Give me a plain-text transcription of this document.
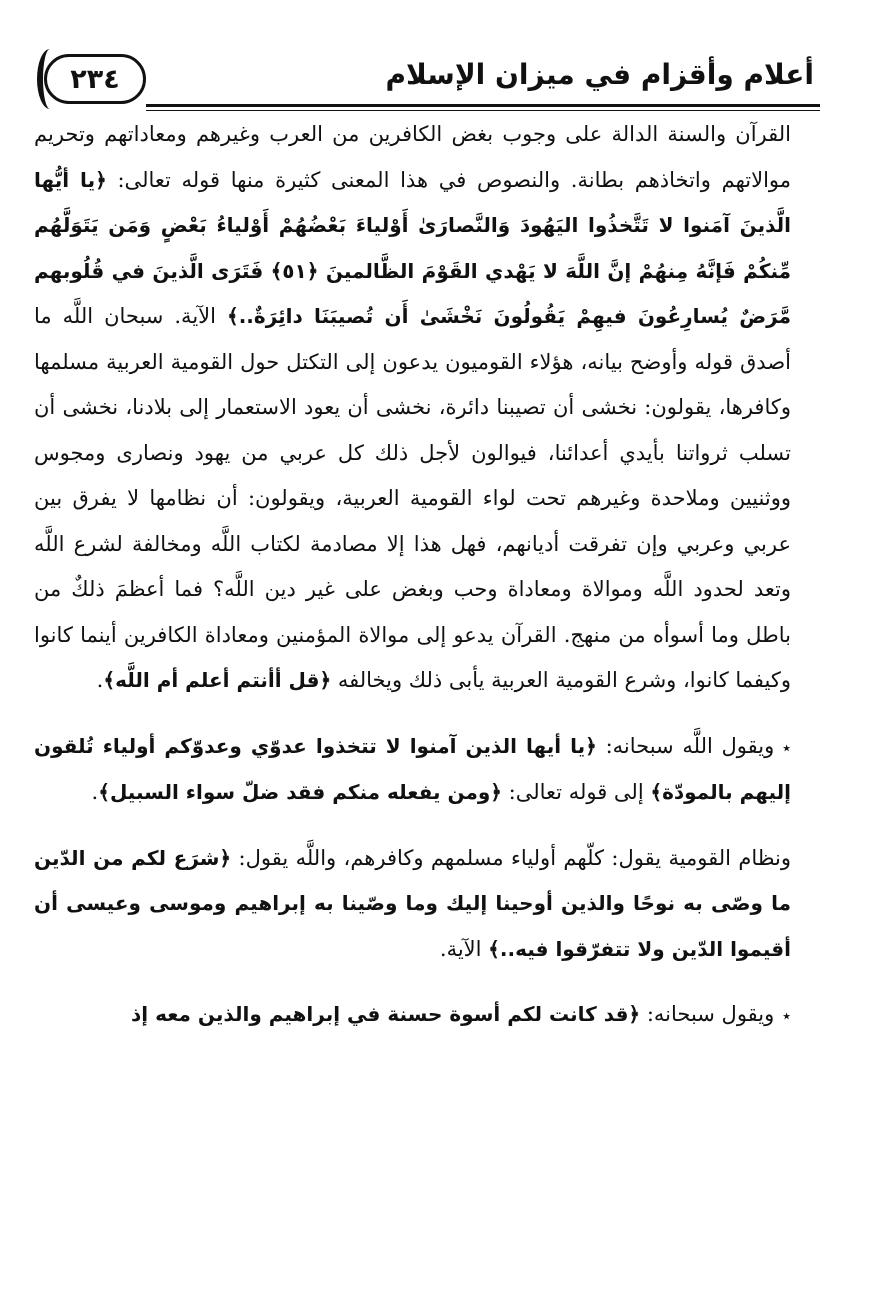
٢٣٤	أعلام وأقزام في ميزان الإسلام

القرآن والسنة الدالة على وجوب بغض الكافرين من العرب وغيرهم ومعاداتهم وتحريم موالاتهم واتخاذهم بطانة. والنصوص في هذا المعنى كثيرة منها قوله تعالى: ﴿يا أيُّها الَّذينَ آمَنوا لا تَتَّخذُوا اليَهُودَ وَالنَّصارَىٰ أَوْلياءَ بَعْضُهُمْ أَوْلياءُ بَعْضٍ وَمَن يَتَوَلَّهُم مِّنكُمْ فَإنَّهُ مِنهُمْ إنَّ اللَّهَ لا يَهْدي القَوْمَ الظَّالمينَ ﴿٥١﴾ فَتَرَى الَّذينَ في قُلُوبهم مَّرَضٌ يُسارِعُونَ فيهِمْ يَقُولُونَ نَخْشَىٰ أَن تُصيبَنَا دائِرَةٌ..﴾ الآية. سبحان اللَّه ما أصدق قوله وأوضح بيانه، هؤلاء القوميون يدعون إلى التكتل حول القومية العربية مسلمها وكافرها، يقولون: نخشى أن تصيبنا دائرة، نخشى أن يعود الاستعمار إلى بلادنا، نخشى أن تسلب ثرواتنا بأيدي أعدائنا، فيوالون لأجل ذلك كل عربي من يهود ونصارى ومجوس ووثنيين وملاحدة وغيرهم تحت لواء القومية العربية، ويقولون: أن نظامها لا يفرق بين عربي وعربي وإن تفرقت أديانهم، فهل هذا إلا مصادمة لكتاب اللَّه ومخالفة لشرع اللَّه وتعد لحدود اللَّه وموالاة ومعاداة وحب وبغض على غير دين اللَّه؟ فما أعظمَ ذلكٌ من باطل وما أسوأه من منهج. القرآن يدعو إلى موالاة المؤمنين ومعاداة الكافرين أينما كانوا وكيفما كانوا، وشرع القومية العربية يأبى ذلك ويخالفه ﴿قل أأنتم أعلم أم اللَّه﴾.

٭ويقول اللَّه سبحانه: ﴿يا أيها الذين آمنوا لا تتخذوا عدوّي وعدوّكم أولياء تُلقون إليهم بالمودّة﴾ إلى قوله تعالى: ﴿ومن يفعله منكم فقد ضلّ سواء السبيل﴾.

ونظام القومية يقول: كلّهم أولياء مسلمهم وكافرهم، واللَّه يقول: ﴿شرَع لكم من الدّين ما وصّى به نوحًا والذين أوحينا إليك وما وصّينا به إبراهيم وموسى وعيسى أن أقيموا الدّين ولا تتفرّقوا فيه..﴾ الآية.

٭ويقول سبحانه: ﴿قد كانت لكم أسوة حسنة في إبراهيم والذين معه إذ
